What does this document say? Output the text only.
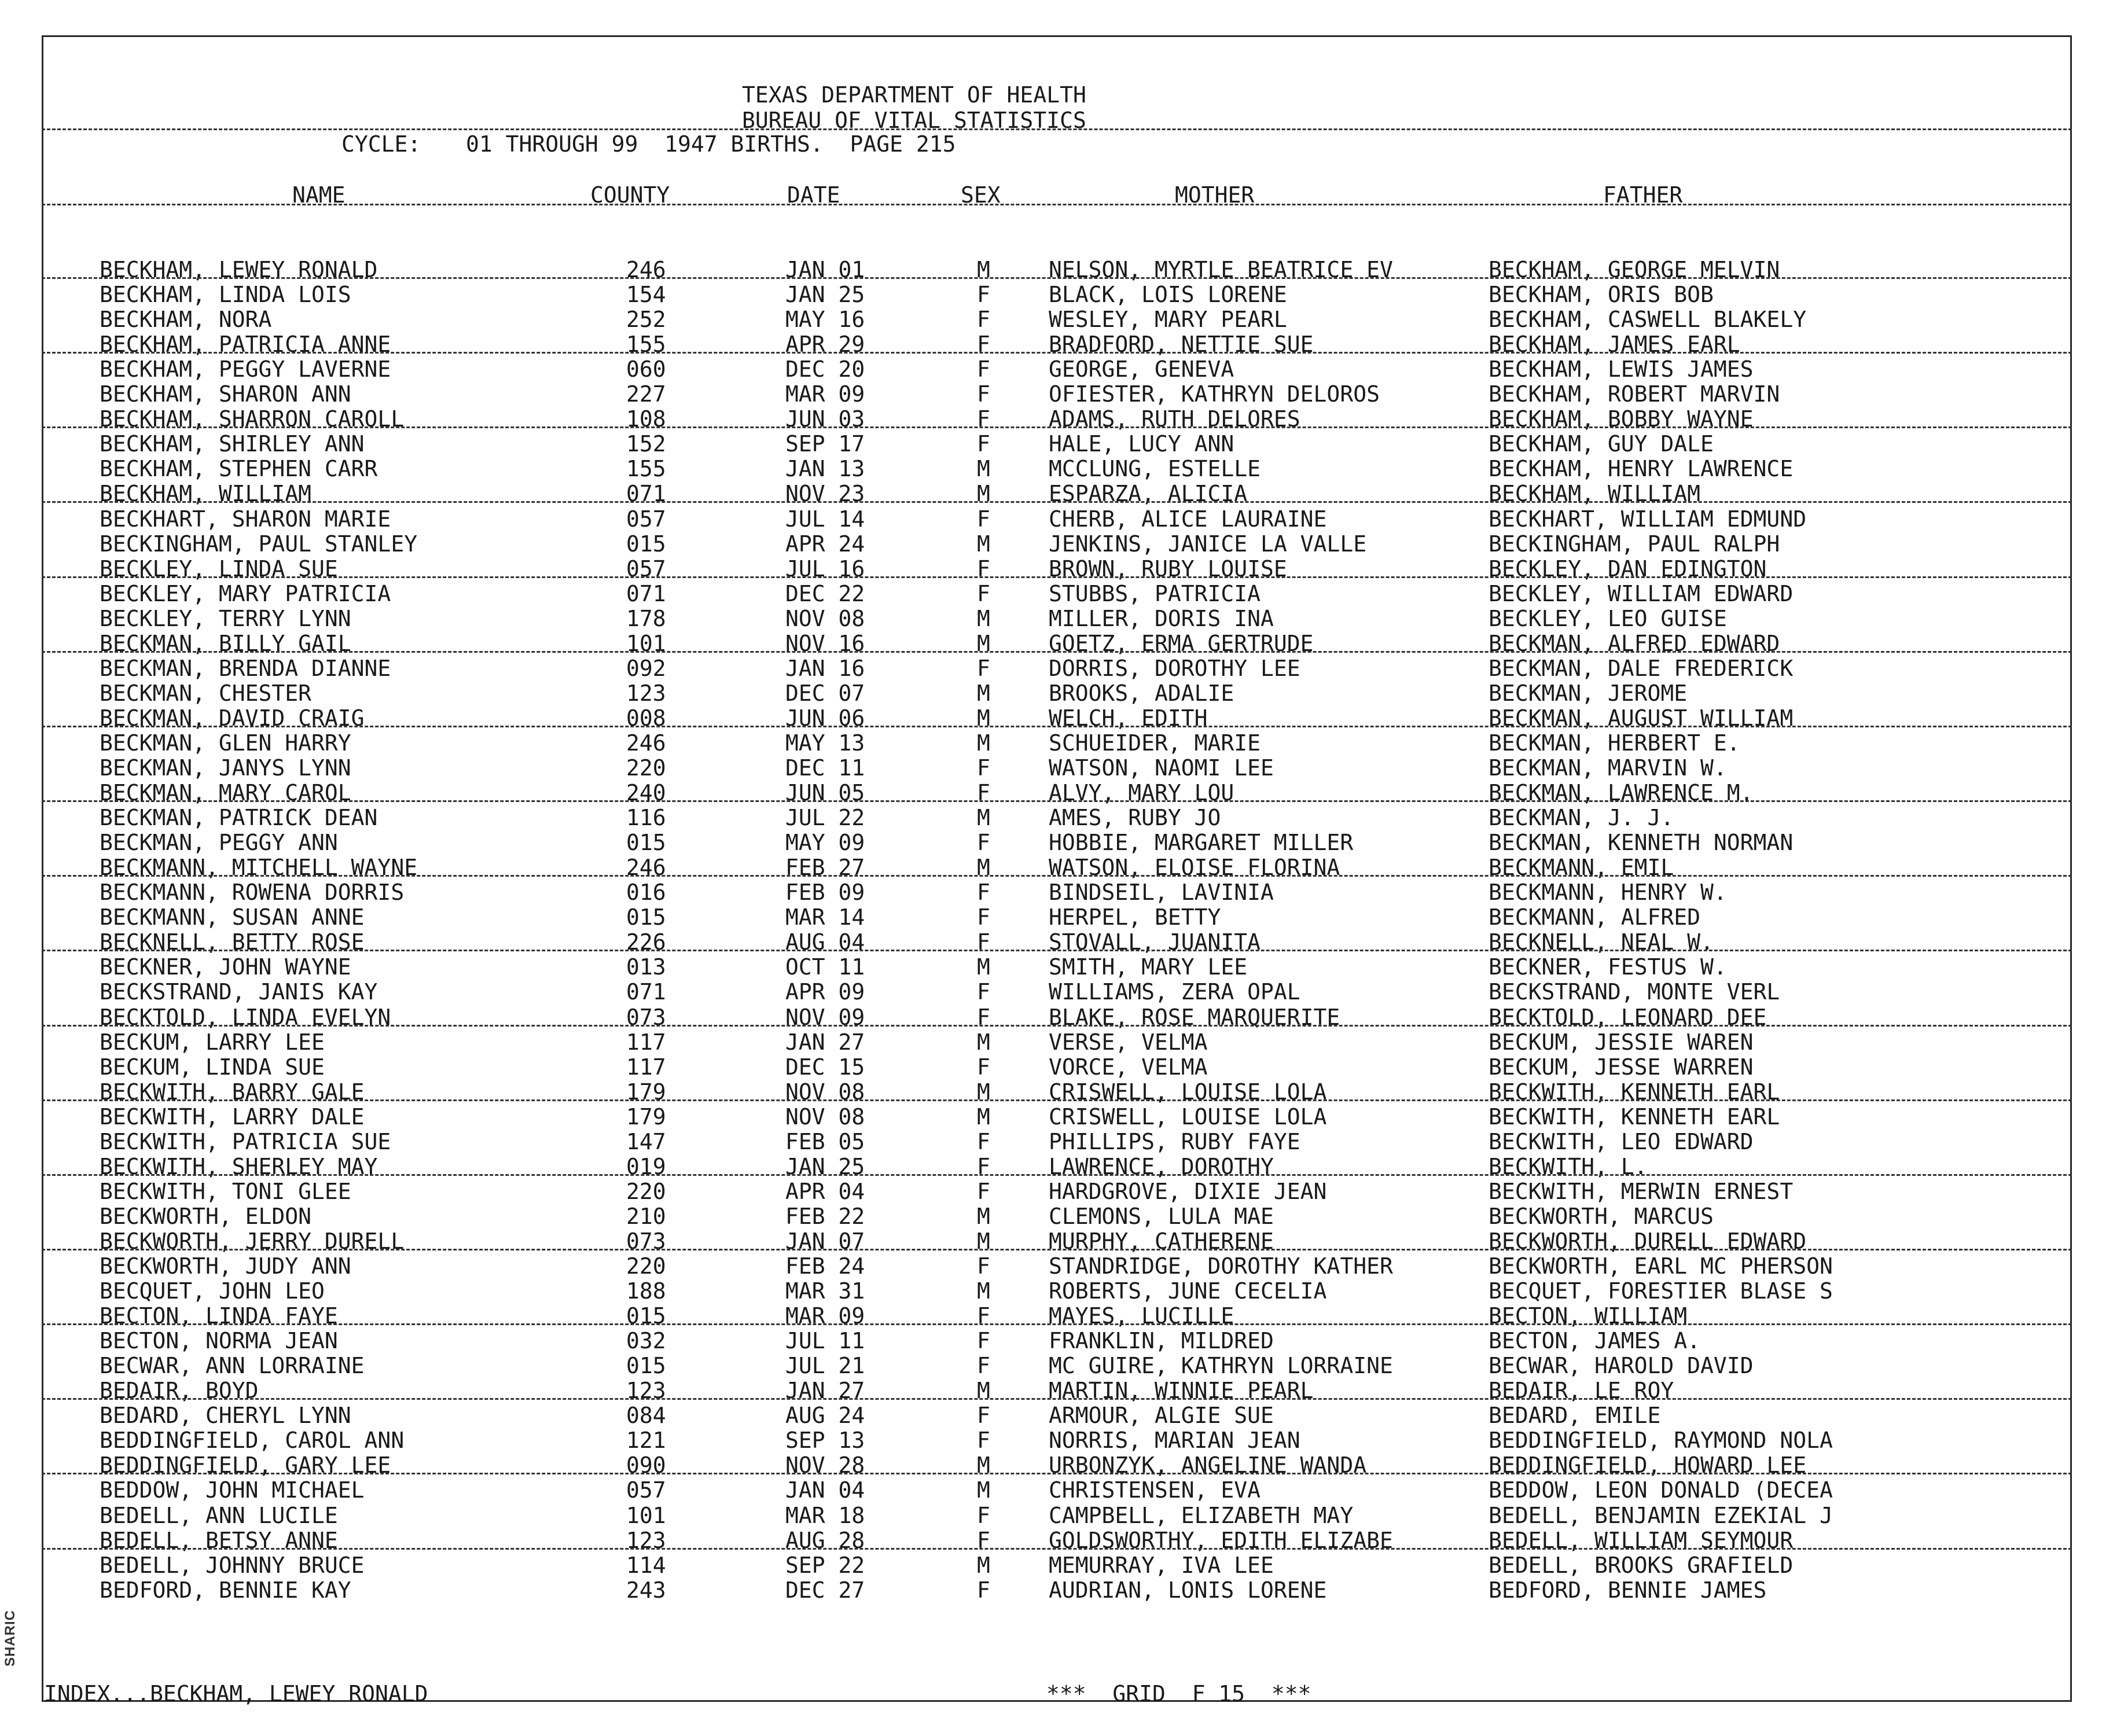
SHARIC
TEXAS DEPARTMENT OF HEALTH
BUREAU OF VITAL STATISTICS
CYCLE: 01 THROUGH 99  1947 BIRTHS.  PAGE 215
NAME	COUNTY	DATE	SEX	MOTHER	FATHER
BECKHAM, LEWEY RONALD	246	JAN 01	M	NELSON, MYRTLE BEATRICE EV	BECKHAM, GEORGE MELVIN
BECKHAM, LINDA LOIS	154	JAN 25	F	BLACK, LOIS LORENE	BECKHAM, ORIS BOB
BECKHAM, NORA	252	MAY 16	F	WESLEY, MARY PEARL	BECKHAM, CASWELL BLAKELY
BECKHAM, PATRICIA ANNE	155	APR 29	F	BRADFORD, NETTIE SUE	BECKHAM, JAMES EARL
BECKHAM, PEGGY LAVERNE	060	DEC 20	F	GEORGE, GENEVA	BECKHAM, LEWIS JAMES
BECKHAM, SHARON ANN	227	MAR 09	F	OFIESTER, KATHRYN DELOROS	BECKHAM, ROBERT MARVIN
BECKHAM, SHARRON CAROLL	108	JUN 03	F	ADAMS, RUTH DELORES	BECKHAM, BOBBY WAYNE
BECKHAM, SHIRLEY ANN	152	SEP 17	F	HALE, LUCY ANN	BECKHAM, GUY DALE
BECKHAM, STEPHEN CARR	155	JAN 13	M	MCCLUNG, ESTELLE	BECKHAM, HENRY LAWRENCE
BECKHAM, WILLIAM	071	NOV 23	M	ESPARZA, ALICIA	BECKHAM, WILLIAM
BECKHART, SHARON MARIE	057	JUL 14	F	CHERB, ALICE LAURAINE	BECKHART, WILLIAM EDMUND
BECKINGHAM, PAUL STANLEY	015	APR 24	M	JENKINS, JANICE LA VALLE	BECKINGHAM, PAUL RALPH
BECKLEY, LINDA SUE	057	JUL 16	F	BROWN, RUBY LOUISE	BECKLEY, DAN EDINGTON
BECKLEY, MARY PATRICIA	071	DEC 22	F	STUBBS, PATRICIA	BECKLEY, WILLIAM EDWARD
BECKLEY, TERRY LYNN	178	NOV 08	M	MILLER, DORIS INA	BECKLEY, LEO GUISE
BECKMAN, BILLY GAIL	101	NOV 16	M	GOETZ, ERMA GERTRUDE	BECKMAN, ALFRED EDWARD
BECKMAN, BRENDA DIANNE	092	JAN 16	F	DORRIS, DOROTHY LEE	BECKMAN, DALE FREDERICK
BECKMAN, CHESTER	123	DEC 07	M	BROOKS, ADALIE	BECKMAN, JEROME
BECKMAN, DAVID CRAIG	008	JUN 06	M	WELCH, EDITH	BECKMAN, AUGUST WILLIAM
BECKMAN, GLEN HARRY	246	MAY 13	M	SCHUEIDER, MARIE	BECKMAN, HERBERT E.
BECKMAN, JANYS LYNN	220	DEC 11	F	WATSON, NAOMI LEE	BECKMAN, MARVIN W.
BECKMAN, MARY CAROL	240	JUN 05	F	ALVY, MARY LOU	BECKMAN, LAWRENCE M.
BECKMAN, PATRICK DEAN	116	JUL 22	M	AMES, RUBY JO	BECKMAN, J. J.
BECKMAN, PEGGY ANN	015	MAY 09	F	HOBBIE, MARGARET MILLER	BECKMAN, KENNETH NORMAN
BECKMANN, MITCHELL WAYNE	246	FEB 27	M	WATSON, ELOISE FLORINA	BECKMANN, EMIL
BECKMANN, ROWENA DORRIS	016	FEB 09	F	BINDSEIL, LAVINIA	BECKMANN, HENRY W.
BECKMANN, SUSAN ANNE	015	MAR 14	F	HERPEL, BETTY	BECKMANN, ALFRED
BECKNELL, BETTY ROSE	226	AUG 04	F	STOVALL, JUANITA	BECKNELL, NEAL W.
BECKNER, JOHN WAYNE	013	OCT 11	M	SMITH, MARY LEE	BECKNER, FESTUS W.
BECKSTRAND, JANIS KAY	071	APR 09	F	WILLIAMS, ZERA OPAL	BECKSTRAND, MONTE VERL
BECKTOLD, LINDA EVELYN	073	NOV 09	F	BLAKE, ROSE MARQUERITE	BECKTOLD, LEONARD DEE
BECKUM, LARRY LEE	117	JAN 27	M	VERSE, VELMA	BECKUM, JESSIE WAREN
BECKUM, LINDA SUE	117	DEC 15	F	VORCE, VELMA	BECKUM, JESSE WARREN
BECKWITH, BARRY GALE	179	NOV 08	M	CRISWELL, LOUISE LOLA	BECKWITH, KENNETH EARL
BECKWITH, LARRY DALE	179	NOV 08	M	CRISWELL, LOUISE LOLA	BECKWITH, KENNETH EARL
BECKWITH, PATRICIA SUE	147	FEB 05	F	PHILLIPS, RUBY FAYE	BECKWITH, LEO EDWARD
BECKWITH, SHERLEY MAY	019	JAN 25	F	LAWRENCE, DOROTHY	BECKWITH, L.
BECKWITH, TONI GLEE	220	APR 04	F	HARDGROVE, DIXIE JEAN	BECKWITH, MERWIN ERNEST
BECKWORTH, ELDON	210	FEB 22	M	CLEMONS, LULA MAE	BECKWORTH, MARCUS
BECKWORTH, JERRY DURELL	073	JAN 07	M	MURPHY, CATHERENE	BECKWORTH, DURELL EDWARD
BECKWORTH, JUDY ANN	220	FEB 24	F	STANDRIDGE, DOROTHY KATHER	BECKWORTH, EARL MC PHERSON
BECQUET, JOHN LEO	188	MAR 31	M	ROBERTS, JUNE CECELIA	BECQUET, FORESTIER BLASE S
BECTON, LINDA FAYE	015	MAR 09	F	MAYES, LUCILLE	BECTON, WILLIAM
BECTON, NORMA JEAN	032	JUL 11	F	FRANKLIN, MILDRED	BECTON, JAMES A.
BECWAR, ANN LORRAINE	015	JUL 21	F	MC GUIRE, KATHRYN LORRAINE	BECWAR, HAROLD DAVID
BEDAIR, BOYD	123	JAN 27	M	MARTIN, WINNIE PEARL	BEDAIR, LE ROY
BEDARD, CHERYL LYNN	084	AUG 24	F	ARMOUR, ALGIE SUE	BEDARD, EMILE
BEDDINGFIELD, CAROL ANN	121	SEP 13	F	NORRIS, MARIAN JEAN	BEDDINGFIELD, RAYMOND NOLA
BEDDINGFIELD, GARY LEE	090	NOV 28	M	URBONZYK, ANGELINE WANDA	BEDDINGFIELD, HOWARD LEE
BEDDOW, JOHN MICHAEL	057	JAN 04	M	CHRISTENSEN, EVA	BEDDOW, LEON DONALD (DECEA
BEDELL, ANN LUCILE	101	MAR 18	F	CAMPBELL, ELIZABETH MAY	BEDELL, BENJAMIN EZEKIAL J
BEDELL, BETSY ANNE	123	AUG 28	F	GOLDSWORTHY, EDITH ELIZABE	BEDELL, WILLIAM SEYMOUR
BEDELL, JOHNNY BRUCE	114	SEP 22	M	MEMURRAY, IVA LEE	BEDELL, BROOKS GRAFIELD
BEDFORD, BENNIE KAY	243	DEC 27	F	AUDRIAN, LONIS LORENE	BEDFORD, BENNIE JAMES
INDEX...BECKHAM, LEWEY RONALD	***  GRID  F 15  ***
